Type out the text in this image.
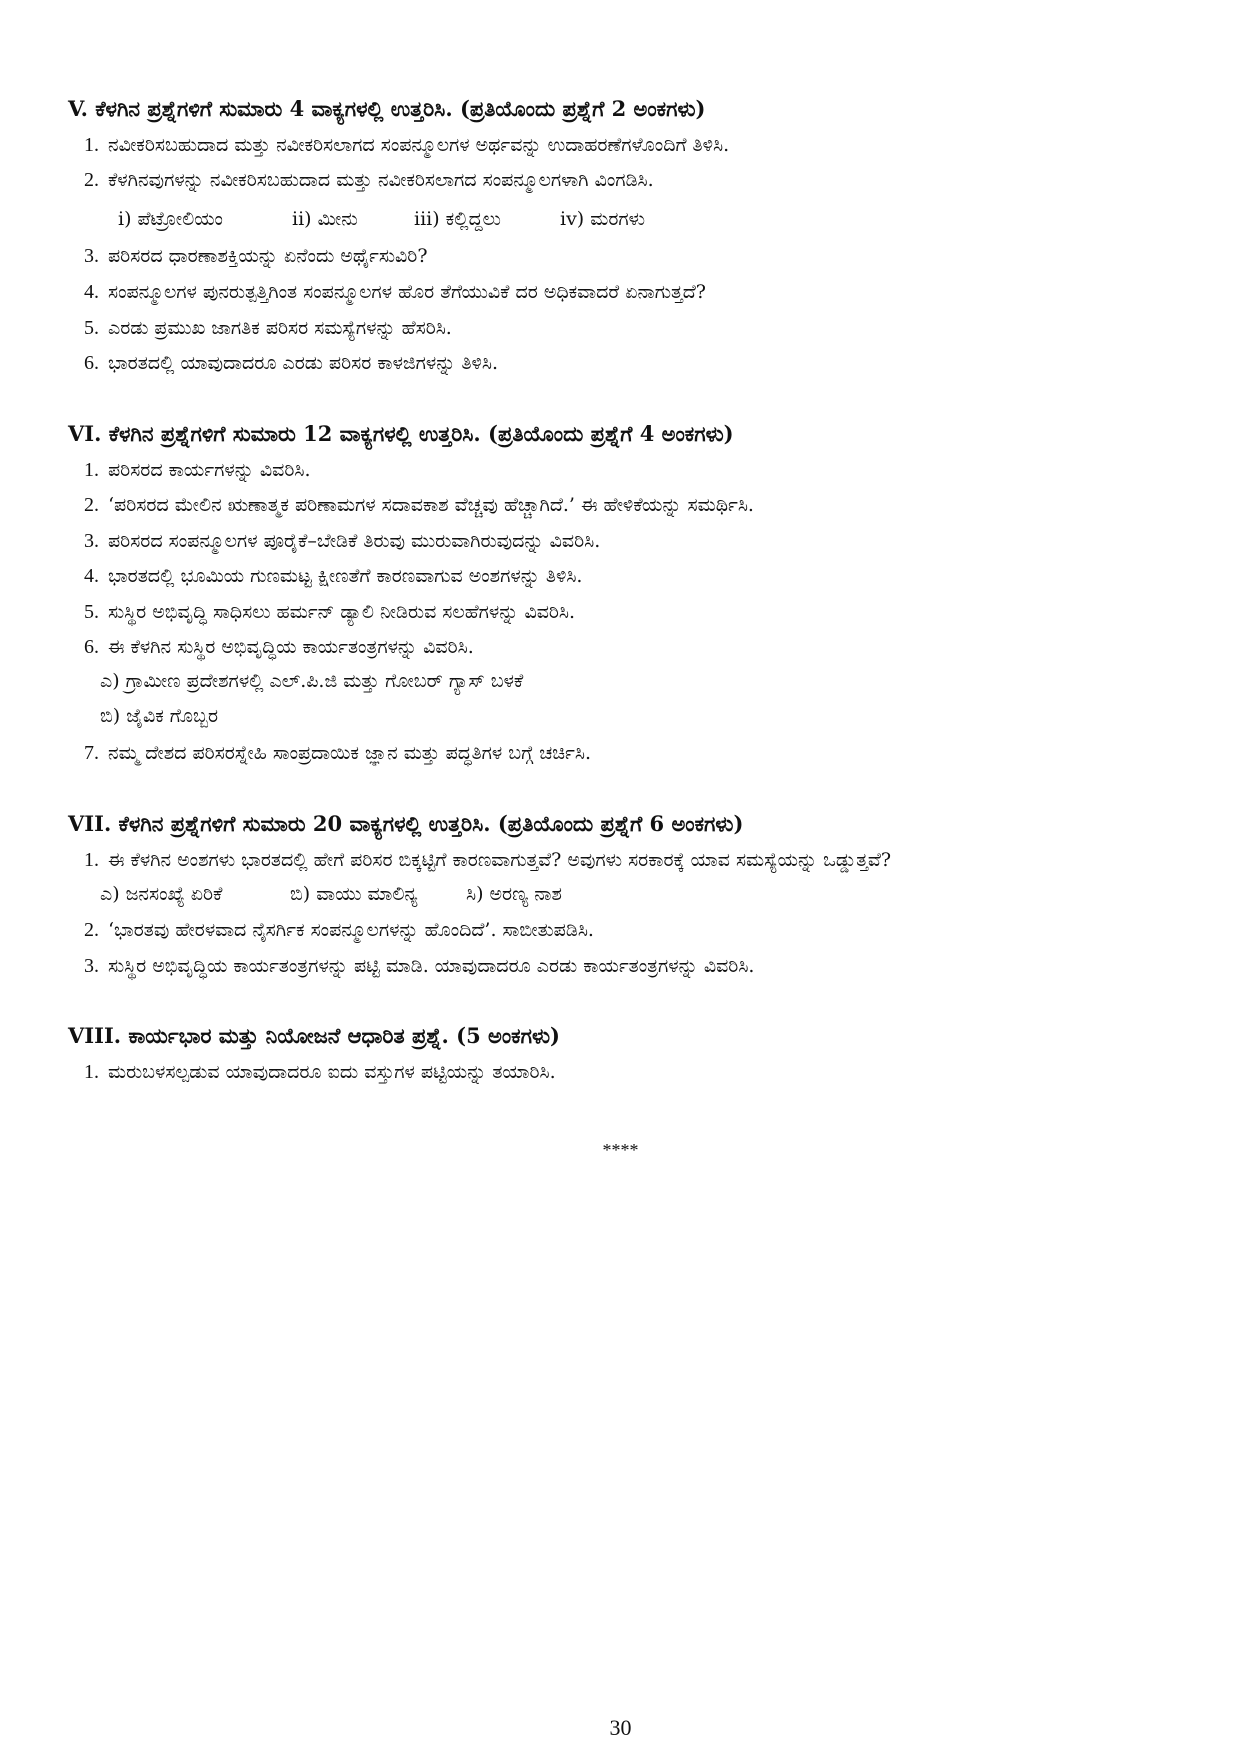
V. ಕೆಳಗಿನ ಪ್ರಶ್ನೆಗಳಿಗೆ ಸುಮಾರು 4 ವಾಕ್ಯಗಳಲ್ಲಿ ಉತ್ತರಿಸಿ. (ಪ್ರತಿಯೊಂದು ಪ್ರಶ್ನೆಗೆ 2 ಅಂಕಗಳು)
1. ನವೀಕರಿಸಬಹುದಾದ ಮತ್ತು ನವೀಕರಿಸಲಾಗದ ಸಂಪನ್ಮೂಲಗಳ ಅರ್ಥವನ್ನು ಉದಾಹರಣೆಗಳೊಂದಿಗೆ ತಿಳಿಸಿ.
2. ಕೆಳಗಿನವುಗಳನ್ನು ನವೀಕರಿಸಬಹುದಾದ ಮತ್ತು ನವೀಕರಿಸಲಾಗದ ಸಂಪನ್ಮೂಲಗಳಾಗಿ ವಿಂಗಡಿಸಿ.
i) ಪೆಟ್ರೋಲಿಯಂ	ii) ಮೀನು	iii) ಕಲ್ಲಿದ್ದಲು	iv) ಮರಗಳು
3. ಪರಿಸರದ ಧಾರಣಾಶಕ್ತಿಯನ್ನು ಏನೆಂದು ಅರ್ಥೈಸುವಿರಿ?
4. ಸಂಪನ್ಮೂಲಗಳ ಪುನರುತ್ಪತ್ತಿಗಿಂತ ಸಂಪನ್ಮೂಲಗಳ ಹೊರ ತೆಗೆಯುವಿಕೆ ದರ ಅಧಿಕವಾದರೆ ಏನಾಗುತ್ತದೆ?
5. ಎರಡು ಪ್ರಮುಖ ಜಾಗತಿಕ ಪರಿಸರ ಸಮಸ್ಯೆಗಳನ್ನು ಹೆಸರಿಸಿ.
6. ಭಾರತದಲ್ಲಿ ಯಾವುದಾದರೂ ಎರಡು ಪರಿಸರ ಕಾಳಜಿಗಳನ್ನು ತಿಳಿಸಿ.
VI. ಕೆಳಗಿನ ಪ್ರಶ್ನೆಗಳಿಗೆ ಸುಮಾರು 12 ವಾಕ್ಯಗಳಲ್ಲಿ ಉತ್ತರಿಸಿ. (ಪ್ರತಿಯೊಂದು ಪ್ರಶ್ನೆಗೆ 4 ಅಂಕಗಳು)
1. ಪರಿಸರದ ಕಾರ್ಯಗಳನ್ನು ವಿವರಿಸಿ.
2. ‘ಪರಿಸರದ ಮೇಲಿನ ಋಣಾತ್ಮಕ ಪರಿಣಾಮಗಳ ಸದಾವಕಾಶ ವೆಚ್ಚವು ಹೆಚ್ಚಾಗಿದೆ.’ ಈ ಹೇಳಿಕೆಯನ್ನು ಸಮರ್ಥಿಸಿ.
3. ಪರಿಸರದ ಸಂಪನ್ಮೂಲಗಳ ಪೂರೈಕೆ–ಬೇಡಿಕೆ ತಿರುವು ಮುರುವಾಗಿರುವುದನ್ನು ವಿವರಿಸಿ.
4. ಭಾರತದಲ್ಲಿ ಭೂಮಿಯ ಗುಣಮಟ್ಟ ಕ್ಷೀಣತೆಗೆ ಕಾರಣವಾಗುವ ಅಂಶಗಳನ್ನು ತಿಳಿಸಿ.
5. ಸುಸ್ಥಿರ ಅಭಿವೃದ್ಧಿ ಸಾಧಿಸಲು ಹರ್ಮನ್ ಡ್ಯಾಲಿ ನೀಡಿರುವ ಸಲಹೆಗಳನ್ನು ವಿವರಿಸಿ.
6. ಈ ಕೆಳಗಿನ ಸುಸ್ಥಿರ ಅಭಿವೃದ್ಧಿಯ ಕಾರ್ಯತಂತ್ರಗಳನ್ನು ವಿವರಿಸಿ.
ಎ) ಗ್ರಾಮೀಣ ಪ್ರದೇಶಗಳಲ್ಲಿ ಎಲ್.ಪಿ.ಜಿ ಮತ್ತು ಗೋಬರ್ ಗ್ಯಾಸ್ ಬಳಕೆ
ಬಿ) ಜೈವಿಕ ಗೊಬ್ಬರ
7. ನಮ್ಮ ದೇಶದ ಪರಿಸರಸ್ನೇಹಿ ಸಾಂಪ್ರದಾಯಿಕ ಜ್ಞಾನ ಮತ್ತು ಪದ್ಧತಿಗಳ ಬಗ್ಗೆ ಚರ್ಚಿಸಿ.
VII. ಕೆಳಗಿನ ಪ್ರಶ್ನೆಗಳಿಗೆ ಸುಮಾರು 20 ವಾಕ್ಯಗಳಲ್ಲಿ ಉತ್ತರಿಸಿ. (ಪ್ರತಿಯೊಂದು ಪ್ರಶ್ನೆಗೆ 6 ಅಂಕಗಳು)
1. ಈ ಕೆಳಗಿನ ಅಂಶಗಳು ಭಾರತದಲ್ಲಿ ಹೇಗೆ ಪರಿಸರ ಬಿಕ್ಕಟ್ಟಿಗೆ ಕಾರಣವಾಗುತ್ತವೆ? ಅವುಗಳು ಸರಕಾರಕ್ಕೆ ಯಾವ ಸಮಸ್ಯೆಯನ್ನು ಒಡ್ಡುತ್ತವೆ?
ಎ) ಜನಸಂಖ್ಯೆ ಏರಿಕೆ	ಬಿ) ವಾಯು ಮಾಲಿನ್ಯ	ಸಿ) ಅರಣ್ಯ ನಾಶ
2. ‘ಭಾರತವು ಹೇರಳವಾದ ನೈಸರ್ಗಿಕ ಸಂಪನ್ಮೂಲಗಳನ್ನು ಹೊಂದಿದೆ’. ಸಾಬೀತುಪಡಿಸಿ.
3. ಸುಸ್ಥಿರ ಅಭಿವೃದ್ಧಿಯ ಕಾರ್ಯತಂತ್ರಗಳನ್ನು ಪಟ್ಟಿ ಮಾಡಿ. ಯಾವುದಾದರೂ ಎರಡು ಕಾರ್ಯತಂತ್ರಗಳನ್ನು ವಿವರಿಸಿ.
VIII. ಕಾರ್ಯಭಾರ ಮತ್ತು ನಿಯೋಜನೆ ಆಧಾರಿತ ಪ್ರಶ್ನೆ. (5 ಅಂಕಗಳು)
1. ಮರುಬಳಸಲ್ಪಡುವ ಯಾವುದಾದರೂ ಐದು ವಸ್ತುಗಳ ಪಟ್ಟಿಯನ್ನು ತಯಾರಿಸಿ.
****
30
